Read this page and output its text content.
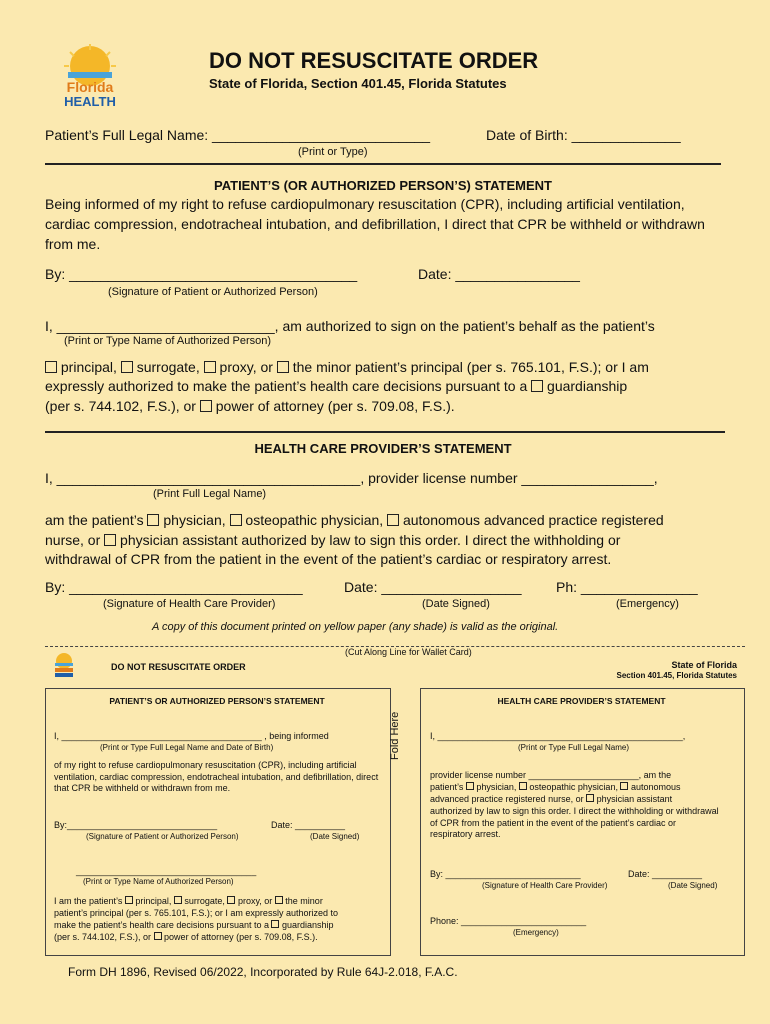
Florida
HEALTH
DO NOT RESUSCITATE ORDER
State of Florida, Section 401.45, Florida Statutes
Patient’s Full Legal Name: ____________________________	Date of Birth: ______________
(Print or Type)
PATIENT’S (OR AUTHORIZED PERSON’S) STATEMENT
Being informed of my right to refuse cardiopulmonary resuscitation (CPR), including artificial ventilation, cardiac compression, endotracheal intubation, and defibrillation, I direct that CPR be withheld or withdrawn from me.
By: _____________________________________	Date: ________________
(Signature of Patient or Authorized Person)
I, ____________________________, am authorized to sign on the patient’s behalf as the patient’s
(Print or Type Name of Authorized Person)
principal,  surrogate,  proxy, or  the minor patient’s principal (per s. 765.101, F.S.); or I am
expressly authorized to make the patient’s health care decisions pursuant to a  guardianship
(per s. 744.102, F.S.), or  power of attorney (per s. 709.08, F.S.).
HEALTH CARE PROVIDER’S STATEMENT
I, _______________________________________, provider license number _________________,
(Print Full Legal Name)
am the patient’s  physician,  osteopathic physician,  autonomous advanced practice registered
nurse, or  physician assistant authorized by law to sign this order. I direct the withholding or
withdrawal of CPR from the patient in the event of the patient’s cardiac or respiratory arrest.
By: ______________________________	Date: __________________ Ph: _______________
(Signature of Health Care Provider)	(Date Signed)	(Emergency)
A copy of this document printed on yellow paper (any shade) is valid as the original.
(Cut Along Line for Wallet Card)
DO NOT RESUSCITATE ORDER	State of Florida
Section 401.45, Florida Statutes
Fold Here
PATIENT’S OR AUTHORIZED PERSON’S STATEMENT
I, ________________________________________ , being informed
(Print or Type Full Legal Name and Date of Birth)
of my right to refuse cardiopulmonary resuscitation (CPR), including artificial ventilation, cardiac compression, endotracheal intubation, and defibrillation, direct that CPR be withheld or withdrawn from me.
By:______________________________	Date: __________
(Signature of Patient or Authorized Person)	(Date Signed)
____________________________________
(Print or Type Name of Authorized Person)
I am the patient’s  principal,  surrogate,  proxy, or  the minor
patient’s principal (per s. 765.101, F.S.); or I am expressly authorized to
make the patient’s health care decisions pursuant to a  guardianship
(per s. 744.102, F.S.), or  power of attorney (per s. 709.08, F.S.).
HEALTH CARE PROVIDER’S STATEMENT
I, _________________________________________________,
(Print or Type Full Legal Name)
provider license number ______________________, am the
patient’s  physician,  osteopathic physician,  autonomous
advanced practice registered nurse, or  physician assistant
authorized by law to sign this order. I direct the withholding or withdrawal of CPR from the patient in the event of the patient’s cardiac or respiratory arrest.
By: ___________________________	Date: __________
(Signature of Health Care Provider)	(Date Signed)
Phone: _________________________
(Emergency)
Form DH 1896, Revised 06/2022, Incorporated by Rule 64J-2.018, F.A.C.
